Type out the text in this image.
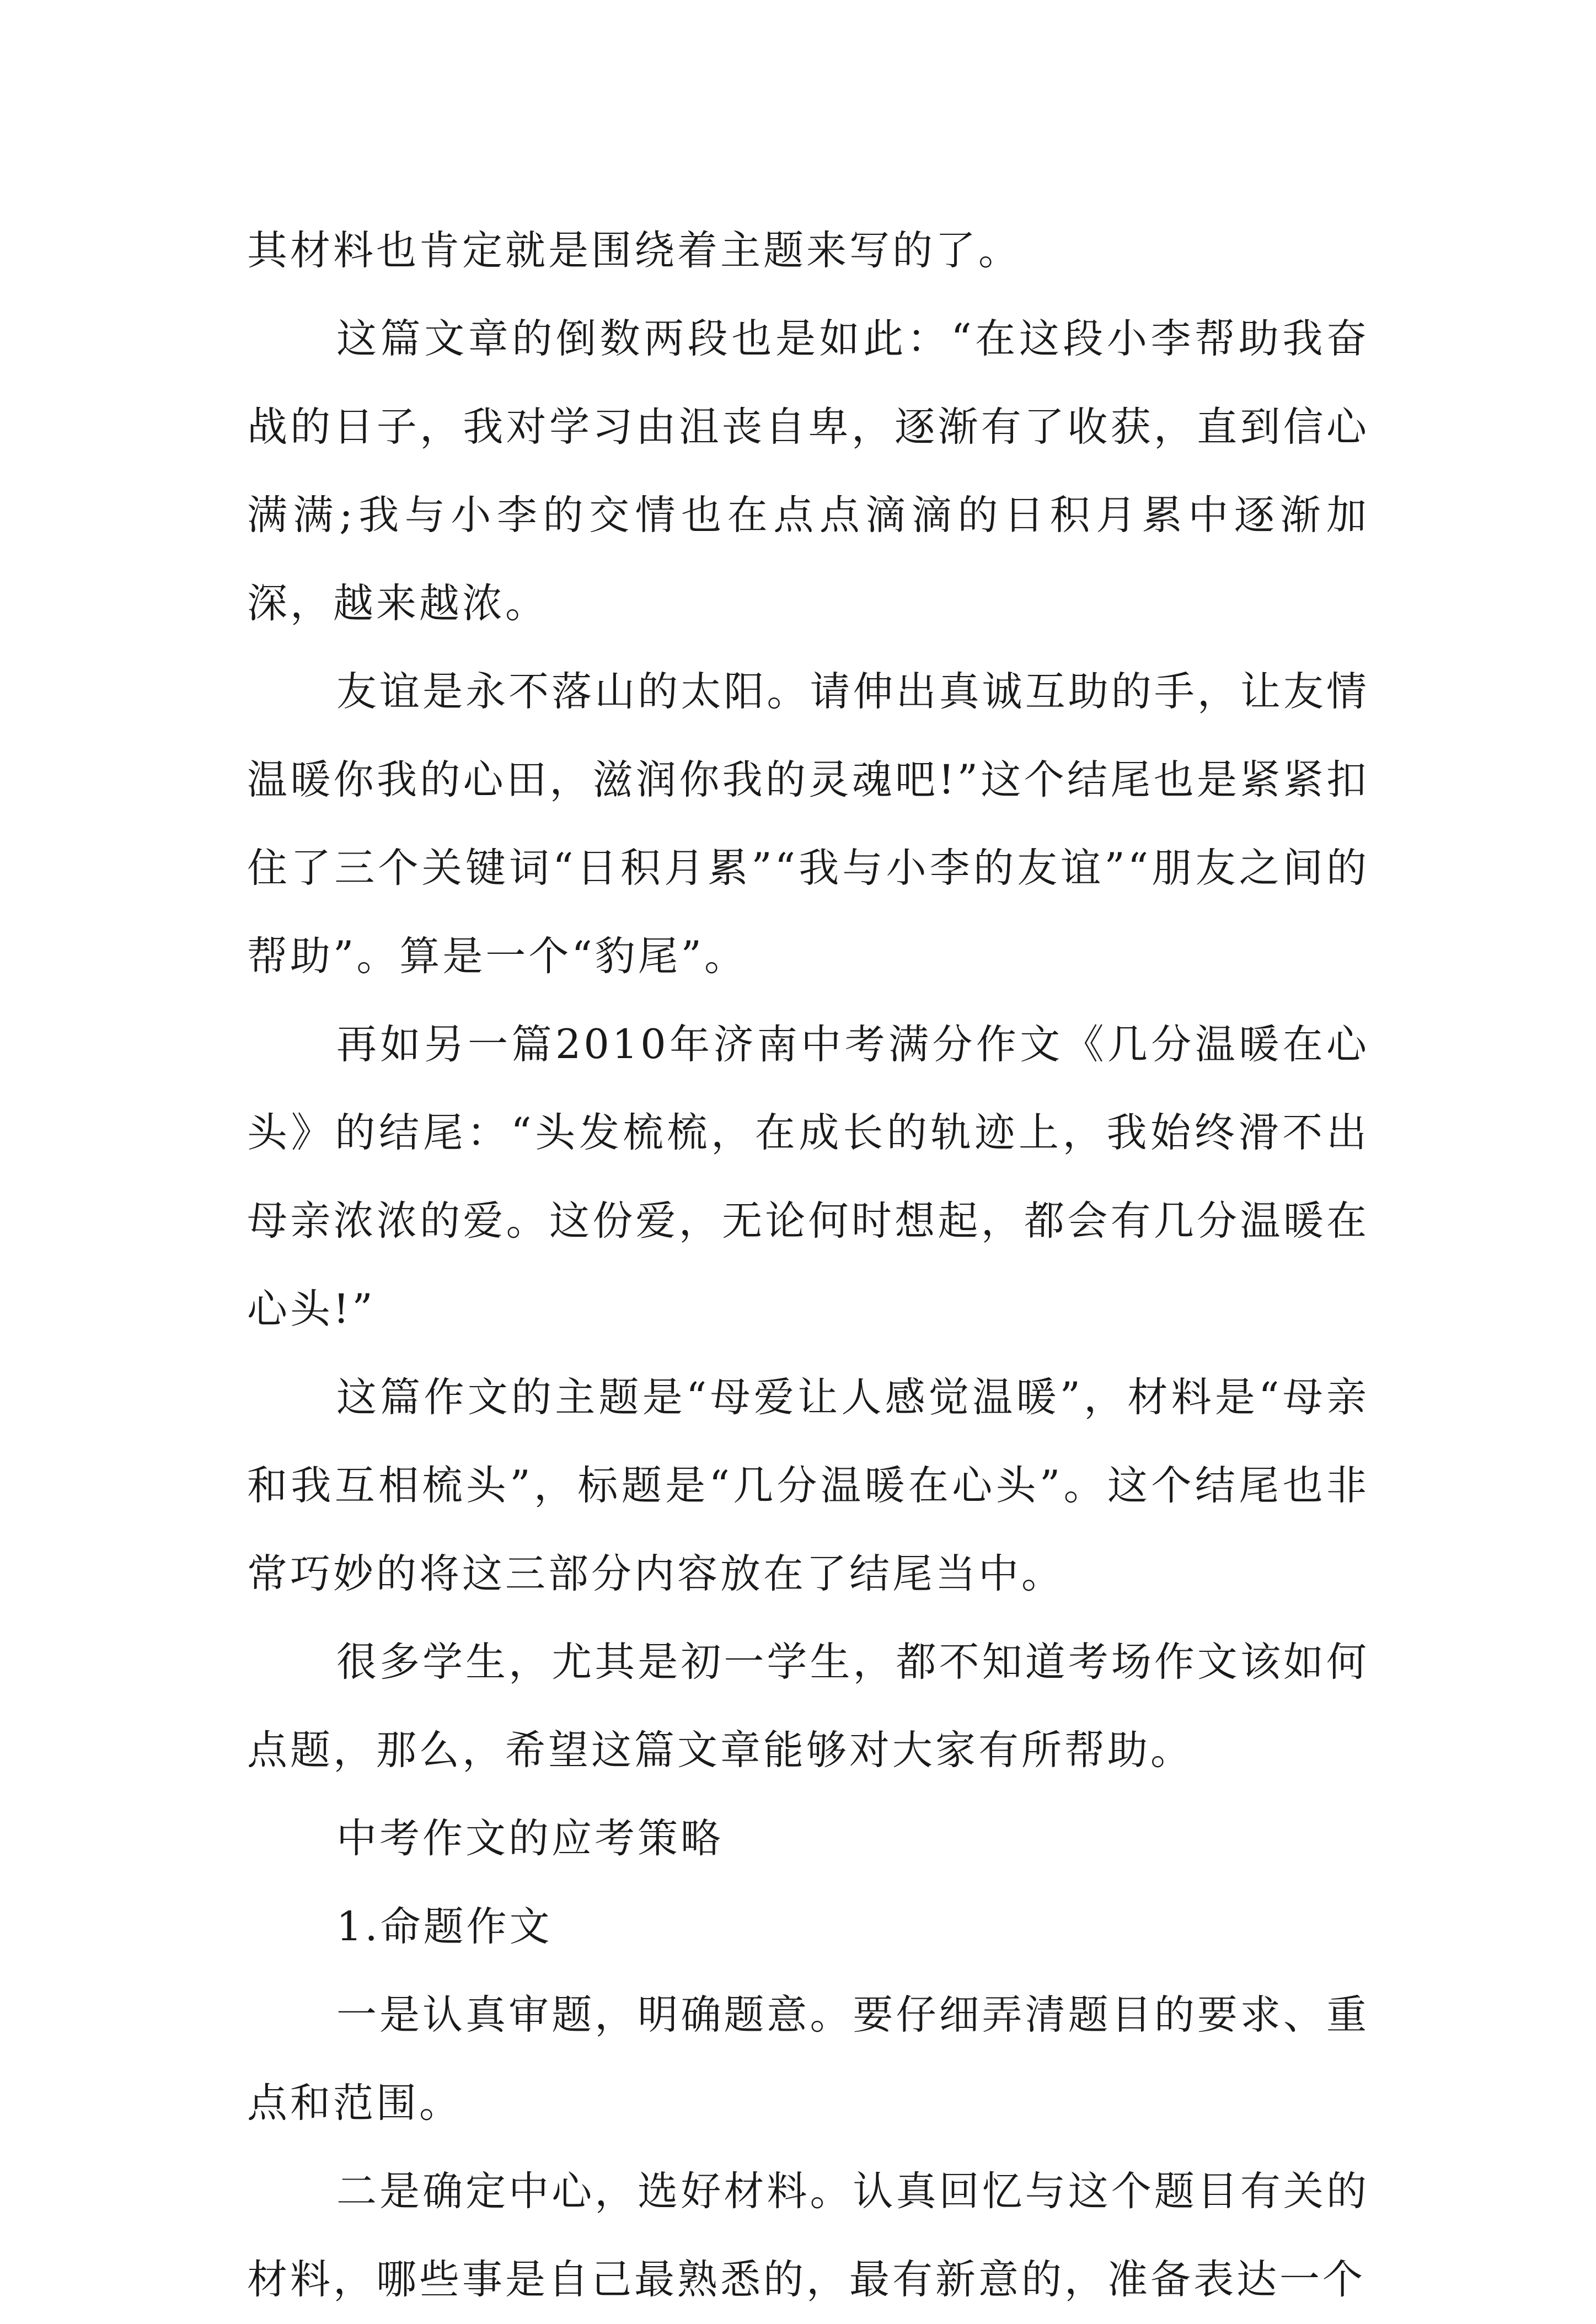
其材料也肯定就是围绕着主题来写的了。

这篇文章的倒数两段也是如此：“在这段小李帮助我奋战的日子，我对学习由沮丧自卑，逐渐有了收获，直到信心满满;我与小李的交情也在点点滴滴的日积月累中逐渐加深，越来越浓。

友谊是永不落山的太阳。请伸出真诚互助的手，让友情温暖你我的心田，滋润你我的灵魂吧!”这个结尾也是紧紧扣住了三个关键词“日积月累”“我与小李的友谊”“朋友之间的帮助”。算是一个“豹尾”。

再如另一篇2010年济南中考满分作文《几分温暖在心头》的结尾：“头发梳梳，在成长的轨迹上，我始终滑不出母亲浓浓的爱。这份爱，无论何时想起，都会有几分温暖在心头!”

这篇作文的主题是“母爱让人感觉温暖”，材料是“母亲和我互相梳头”，标题是“几分温暖在心头”。这个结尾也非常巧妙的将这三部分内容放在了结尾当中。

很多学生，尤其是初一学生，都不知道考场作文该如何点题，那么，希望这篇文章能够对大家有所帮助。

中考作文的应考策略

1.命题作文

一是认真审题，明确题意。要仔细弄清题目的要求、重点和范围。

二是确定中心，选好材料。认真回忆与这个题目有关的材料，哪些事是自己最熟悉的，最有新意的，准备表达一个
